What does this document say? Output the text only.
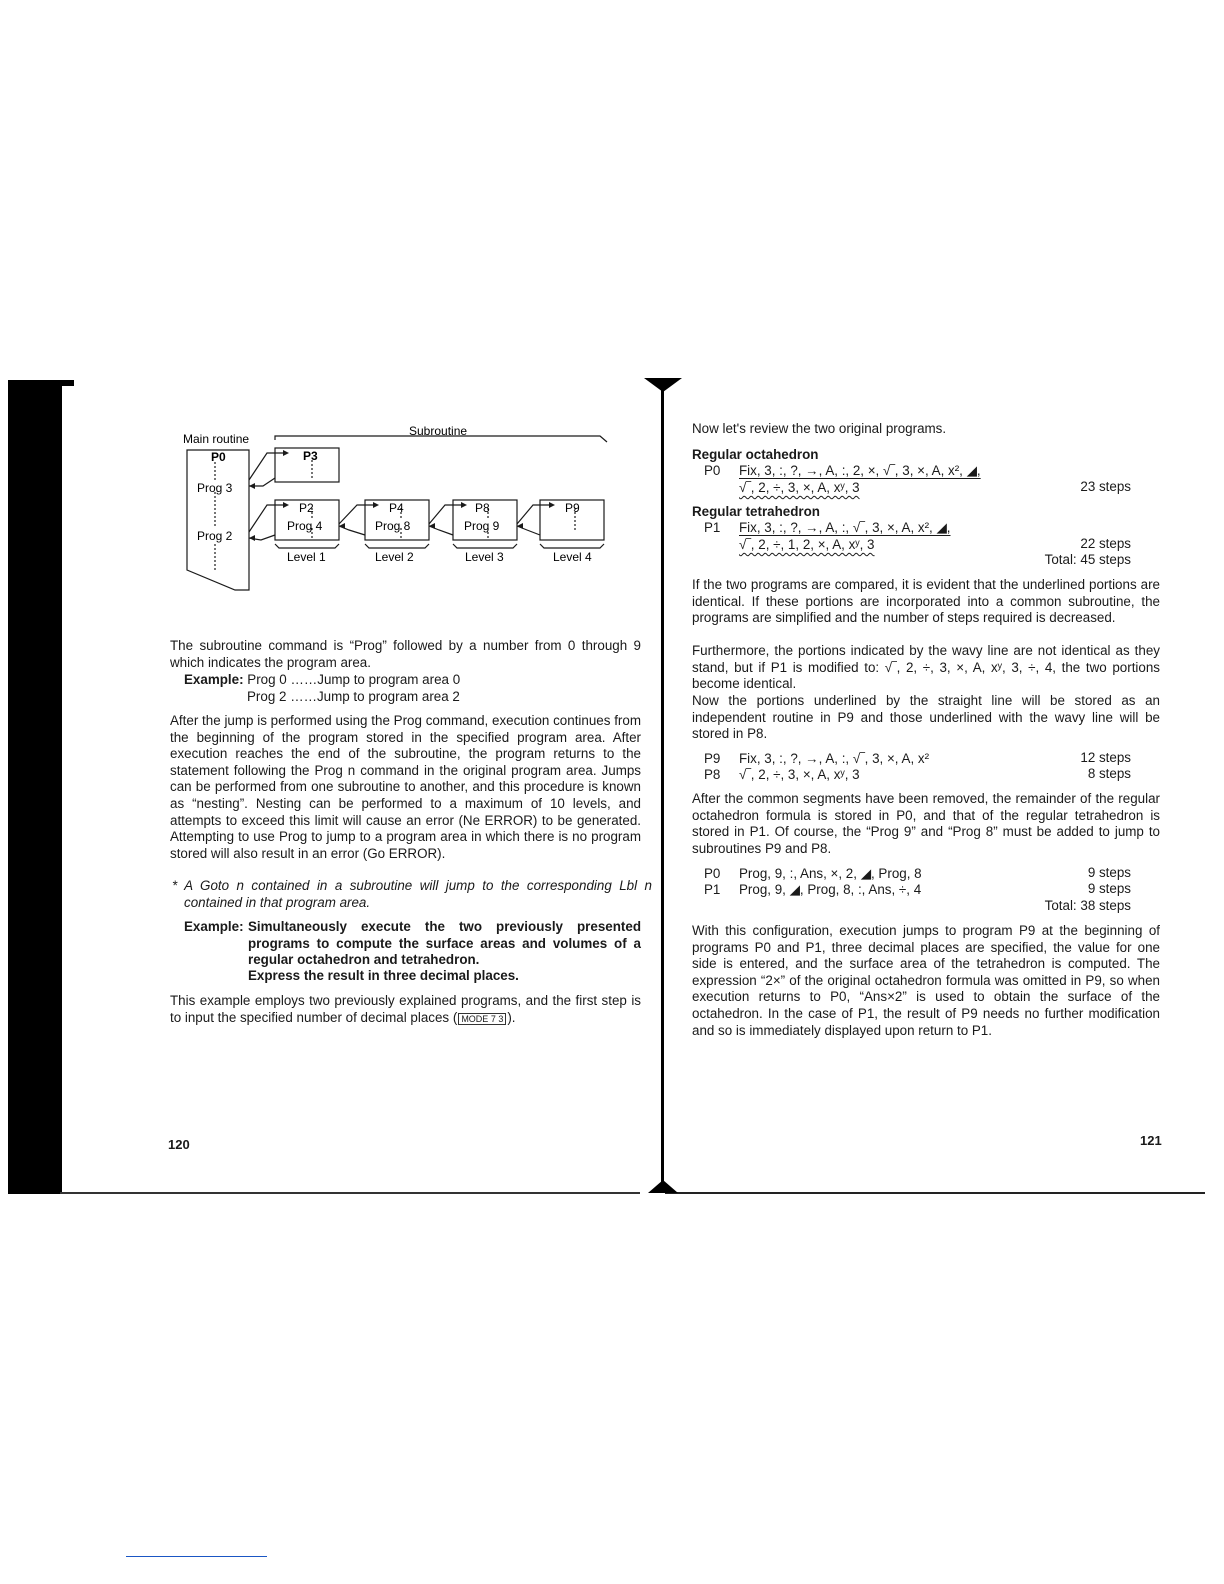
Main routine
Subroutine
P0
Prog 3
Prog 2
P3
P2
Prog 4
P4
Prog 8
P8
Prog 9
P9
Level 1	Level 2	Level 3	Level 4
The subroutine command is “Prog” followed by a number from 0 through 9 which indicates the program area.
Example: Prog 0 ……Jump to program area 0
Prog 2 ……Jump to program area 2
After the jump is performed using the Prog command, execution continues from the beginning of the program stored in the specified program area. After execution reaches the end of the subroutine, the program returns to the statement following the Prog n command in the original program area. Jumps can be performed from one subroutine to another, and this procedure is known as “nesting”. Nesting can be performed to a maximum of 10 levels, and attempts to exceed this limit will cause an error (Ne ERROR) to be generated. Attempting to use Prog to jump to a program area in which there is no program stored will also result in an error (Go ERROR).
* A Goto n contained in a subroutine will jump to the corresponding Lbl n contained in that program area.
Example: Simultaneously execute the two previously presented programs to compute the surface areas and volumes of a regular octahedron and tetrahedron.
Express the result in three decimal places.
This example employs two previously explained programs, and the first step is to input the specified number of decimal places ( MODE 7 3 ).
120
Now let's review the two original programs.
Regular octahedron
P0 Fix, 3, :, ?, →, A, :, 2, ×, √‾, 3, ×, A, x², ◢,
√‾, 2, ÷, 3, ×, A, xʸ, 3	23 steps
Regular tetrahedron
P1 Fix, 3, :, ?, →, A, :, √‾, 3, ×, A, x², ◢,
√‾, 2, ÷, 1, 2, ×, A, xʸ, 3	22 steps
Total: 45 steps
If the two programs are compared, it is evident that the underlined portions are identical. If these portions are incorporated into a common subroutine, the programs are simplified and the number of steps required is decreased.
Furthermore, the portions indicated by the wavy line are not identical as they stand, but if P1 is modified to: √‾, 2, ÷, 3, ×, A, xʸ, 3, ÷, 4, the two portions become identical.
Now the portions underlined by the straight line will be stored as an independent routine in P9 and those underlined with the wavy line will be stored in P8.
P9 Fix, 3, :, ?, →, A, :, √‾, 3, ×, A, x²	12 steps
P8 √‾, 2, ÷, 3, ×, A, xʸ, 3	8 steps
After the common segments have been removed, the remainder of the regular octahedron formula is stored in P0, and that of the regular tetrahedron is stored in P1. Of course, the “Prog 9” and “Prog 8” must be added to jump to subroutines P9 and P8.
P0 Prog, 9, :, Ans, ×, 2, ◢, Prog, 8	9 steps
P1 Prog, 9, ◢, Prog, 8, :, Ans, ÷, 4	9 steps
Total: 38 steps
With this configuration, execution jumps to program P9 at the beginning of programs P0 and P1, three decimal places are specified, the value for one side is entered, and the surface area of the tetrahedron is computed. The expression “2×” of the original octahedron formula was omitted in P9, so when execution returns to P0, “Ans×2” is used to obtain the surface of the octahedron. In the case of P1, the result of P9 needs no further modification and so is immediately displayed upon return to P1.
121
